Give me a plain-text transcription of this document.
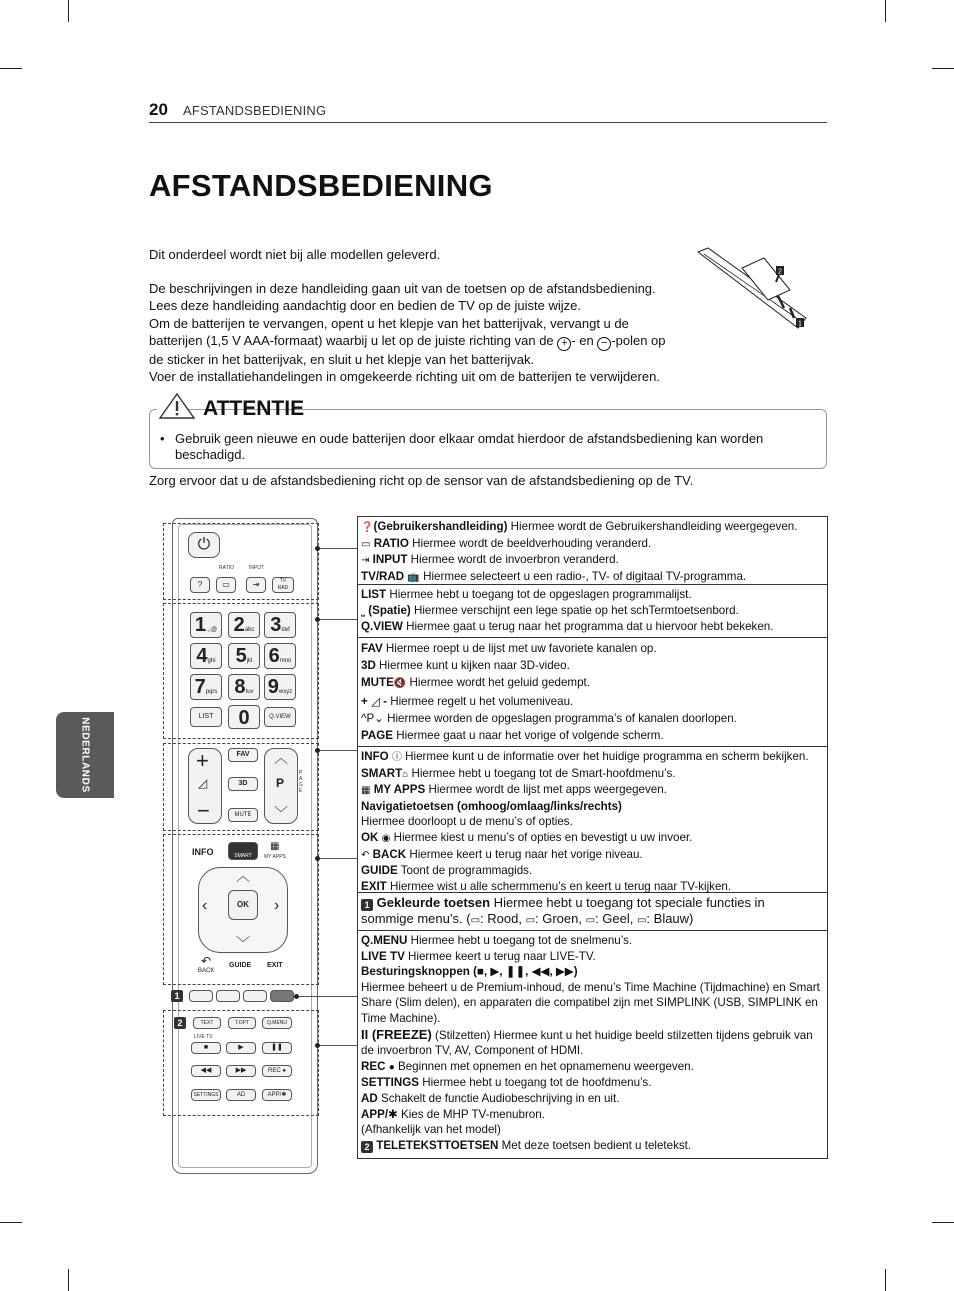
20 AFSTANDSBEDIENING
AFSTANDSBEDIENING

Dit onderdeel wordt niet bij alle modellen geleverd.

De beschrijvingen in deze handleiding gaan uit van de toetsen op de afstandsbediening.
Lees deze handleiding aandachtig door en bedien de TV op de juiste wijze.
Om de batterijen te vervangen, opent u het klepje van het batterijvak, vervangt u de
batterijen (1,5 V AAA-formaat) waarbij u let op de juiste richting van de + - en − -polen op
de sticker in het batterijvak, en sluit u het klepje van het batterijvak.
Voer de installatiehandelingen in omgekeerde richting uit om de batterijen te verwijderen.

2
1
ATTENTIE
• Gebruik geen nieuwe en oude batterijen door elkaar omdat hierdoor de afstandsbediening kan worden beschadigd.
Zorg ervoor dat u de afstandsbediening richt op de sensor van de afstandsbediening op de TV.
NEDERLANDS
⏻
RATIO	INPUT
?	▭	⇥	TV
RAD
LIST	0	Q.VIEW
+
◿
−
FAV
3D
MUTE
︿
P
﹀
PAGE
INFO	SMART
▦
MY APPS
OK
︿
﹀
‹	›
BACK
↶	GUIDE EXIT
1
2	TEXT	T.OPT	Q.MENU
LIVE TV
■	▶	❚❚
◀◀	▶▶	REC ●
SETTINGS	AD	APP/✱
❓(Gebruikershandleiding) Hiermee wordt de Gebruikershandleiding weergegeven.
▭ RATIO Hiermee wordt de beeldverhouding veranderd.
⇥ INPUT Hiermee wordt de invoerbron veranderd.
TV/RAD 📺 Hiermee selecteert u een radio-, TV- of digitaal TV-programma.
LIST Hiermee hebt u toegang tot de opgeslagen programmalijst.
⎵ (Spatie) Hiermee verschijnt een lege spatie op het schTermtoetsenbord.
Q.VIEW Hiermee gaat u terug naar het programma dat u hiervoor hebt bekeken.
FAV Hiermee roept u de lijst met uw favoriete kanalen op.
3D Hiermee kunt u kijken naar 3D-video.
MUTE🔇 Hiermee wordt het geluid gedempt.
+ ◿ - Hiermee regelt u het volumeniveau.
^P⌄ Hiermee worden de opgeslagen programma’s of kanalen doorlopen.
PAGE Hiermee gaat u naar het vorige of volgende scherm.
INFO ⓘ Hiermee kunt u de informatie over het huidige programma en scherm bekijken.
SMART⌂ Hiermee hebt u toegang tot de Smart-hoofdmenu’s.
▦ MY APPS Hiermee wordt de lijst met apps weergegeven.
Navigatietoetsen (omhoog/omlaag/links/rechts)
Hiermee doorloopt u de menu’s of opties.
OK ◉ Hiermee kiest u menu’s of opties en bevestigt u uw invoer.
↶ BACK Hiermee keert u terug naar het vorige niveau.
GUIDE Toont de programmagids.
EXIT Hiermee wist u alle schermmenu’s en keert u terug naar TV-kijken.
1 Gekleurde toetsen Hiermee hebt u toegang tot speciale functies in
sommige menu’s. (▭: Rood, ▭: Groen, ▭: Geel, ▭: Blauw)
Q.MENU Hiermee hebt u toegang tot de snelmenu’s.
LIVE TV Hiermee keert u terug naar LIVE-TV.
Besturingsknoppen (■, ▶, ❚❚, ◀◀, ▶▶)
Hiermee beheert u de Premium-inhoud, de menu’s Time Machine (Tijdmachine) en Smart Share (Slim delen), en apparaten die compatibel zijn met SIMPLINK (USB, SIMPLINK en Time Machine).
II (FREEZE) (Stilzetten) Hiermee kunt u het huidige beeld stilzetten tijdens gebruik van de invoerbron TV, AV, Component of HDMI.
REC ● Beginnen met opnemen en het opnamemenu weergeven.
SETTINGS Hiermee hebt u toegang tot de hoofdmenu’s.
AD Schakelt de functie Audiobeschrijving in en uit.
APP/✱ Kies de MHP TV-menubron.
(Afhankelijk van het model)
2 TELETEKSTTOETSEN Met deze toetsen bedient u teletekst.
1.,;@ 2abc 3def
4ghi	5jkl 6mno
7pqrs 8tuv 9wxyz
